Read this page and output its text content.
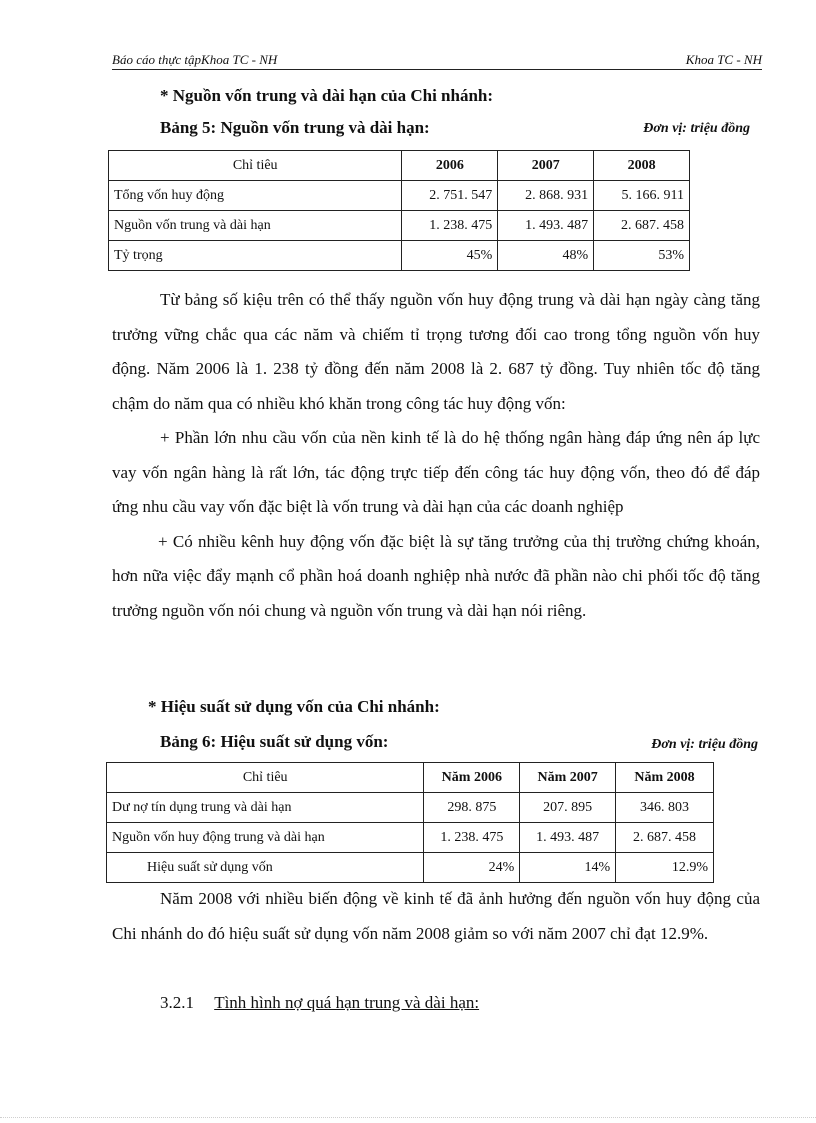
Báo cáo thực tậpKhoa TC - NH	Khoa TC - NH
* Nguồn vốn trung và dài hạn của Chi nhánh:
Bảng 5: Nguồn vốn trung và dài hạn:	Đơn vị: triệu đồng
Chỉ tiêu	2006	2007	2008
Tổng vốn huy động	2. 751. 547	2. 868. 931	5. 166. 911
Nguồn vốn trung và dài hạn	1. 238. 475	1. 493. 487	2. 687. 458
Tỷ trọng	45%	48%	53%

Từ bảng số kiệu trên có thể thấy nguồn vốn huy động trung và dài hạn ngày càng tăng trưởng vững chắc qua các năm và chiếm tỉ trọng tương đối cao trong tổng nguồn vốn huy động. Năm 2006 là 1. 238 tỷ đồng đến năm 2008 là 2. 687 tỷ đồng. Tuy nhiên tốc độ tăng chậm do năm qua có nhiều khó khăn trong công tác huy động vốn:

+ Phần lớn nhu cầu vốn của nền kinh tế là do hệ thống ngân hàng đáp ứng nên áp lực vay vốn ngân hàng là rất lớn, tác động trực tiếp đến công tác huy động vốn, theo đó để đáp ứng nhu cầu vay vốn đặc biệt là vốn trung và dài hạn của các doanh nghiệp

+ Có nhiều kênh huy động vốn đặc biệt là sự tăng trưởng của thị trường chứng khoán, hơn nữa việc đẩy mạnh cổ phần hoá doanh nghiệp nhà nước đã phần nào chi phối tốc độ tăng trưởng nguồn vốn nói chung và nguồn vốn trung và dài hạn nói riêng.

* Hiệu suất sử dụng vốn của Chi nhánh:
Bảng 6: Hiệu suất sử dụng vốn:	Đơn vị: triệu đồng
Chỉ tiêu	Năm 2006	Năm 2007	Năm 2008
Dư nợ tín dụng trung và dài hạn	298. 875	207. 895	346. 803
Nguồn vốn huy động trung và dài hạn	1. 238. 475	1. 493. 487	2. 687. 458
Hiệu suất sử dụng vốn	24%	14%	12.9%

Năm 2008 với nhiều biến động về kinh tế đã ảnh hưởng đến nguồn vốn huy động của Chi nhánh do đó hiệu suất sử dụng vốn năm 2008 giảm so với năm 2007 chỉ đạt 12.9%.

3.2.1 Tình hình nợ quá hạn trung và dài hạn:
